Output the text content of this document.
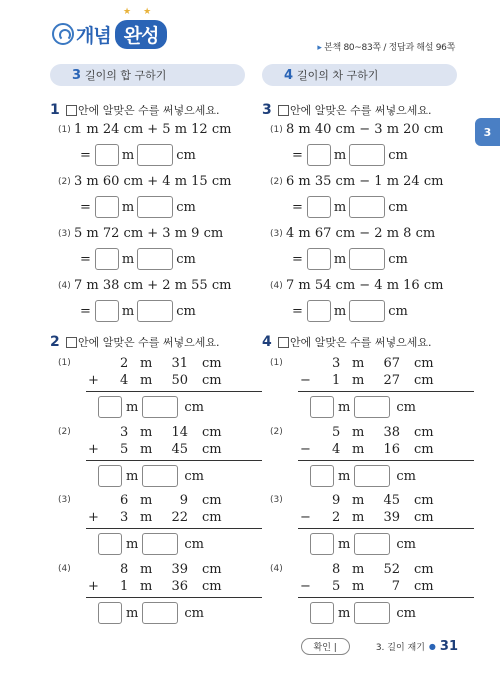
★★
개념 완성
▸ 본책 80~83쪽 / 정답과 해설 96쪽
3
3 길이의 합 구하기
1	안에 알맞은 수를 써넣으세요.
(1) 1 m 24 cm + 5 m 12 cm
= m	cm
(2) 3 m 60 cm + 4 m 15 cm
= m	cm
(3) 5 m 72 cm + 3 m 9 cm
= m	cm
(4) 7 m 38 cm + 2 m 55 cm
= m	cm
2	안에 알맞은 수를 써넣으세요.
4 길이의 차 구하기
3	안에 알맞은 수를 써넣으세요.
(1) 8 m 40 cm − 3 m 20 cm
= m	cm
(2) 6 m 35 cm − 1 m 24 cm
= m	cm
(3) 4 m 67 cm − 2 m 8 cm
= m	cm
(4) 7 m 54 cm − 4 m 16 cm
= m	cm
4	안에 알맞은 수를 써넣으세요.
(1)	2 m 31 cm
+ 4 m 50 cm
m	cm
(2)	3 m 14 cm
+ 5 m 45 cm
m	cm
(3)	6 m	9 cm
+ 3 m 22 cm
m	cm
(4)	8 m 39 cm
+ 1 m 36 cm
m	cm
(1)	3 m 67 cm
− 1 m 27 cm
m	cm
(2)	5 m 38 cm
− 4 m 16 cm
m	cm
(3)	9 m 45 cm
− 2 m 39 cm
m	cm
(4)	8 m 52 cm
− 5 m	7 cm
m	cm
확인 |	3. 길이 재기 ● 31
